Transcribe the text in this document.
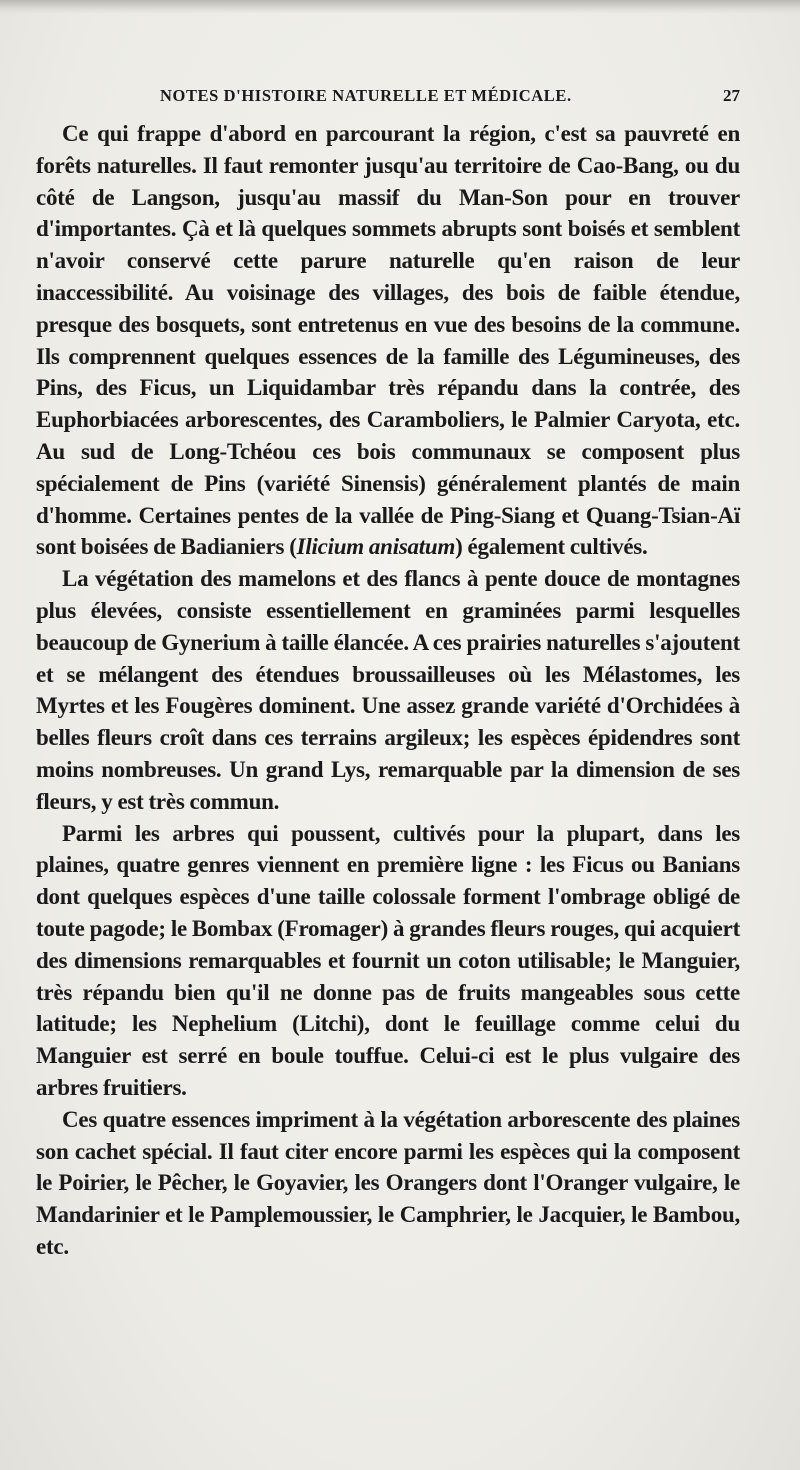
NOTES D'HISTOIRE NATURELLE ET MÉDICALE.	27

Ce qui frappe d'abord en parcourant la région, c'est sa pauvreté en forêts naturelles. Il faut remonter jusqu'au territoire de Cao-Bang, ou du côté de Langson, jusqu'au massif du Man-Son pour en trouver d'importantes. Çà et là quelques sommets abrupts sont boisés et semblent n'avoir conservé cette parure naturelle qu'en raison de leur inaccessibilité. Au voisinage des villages, des bois de faible étendue, presque des bosquets, sont entretenus en vue des besoins de la commune. Ils comprennent quelques essences de la famille des Légumineuses, des Pins, des Ficus, un Liquidambar très répandu dans la contrée, des Euphorbiacées arborescentes, des Caramboliers, le Palmier Caryota, etc. Au sud de Long-Tchéou ces bois communaux se composent plus spécialement de Pins (variété Sinensis) généralement plantés de main d'homme. Certaines pentes de la vallée de Ping-Siang et Quang-Tsian-Aï sont boisées de Badianiers (Ilicium anisatum) également cultivés.

La végétation des mamelons et des flancs à pente douce de montagnes plus élevées, consiste essentiellement en graminées parmi lesquelles beaucoup de Gynerium à taille élancée. A ces prairies naturelles s'ajoutent et se mélangent des étendues broussailleuses où les Mélastomes, les Myrtes et les Fougères dominent. Une assez grande variété d'Orchidées à belles fleurs croît dans ces terrains argileux; les espèces épidendres sont moins nombreuses. Un grand Lys, remarquable par la dimension de ses fleurs, y est très commun.

Parmi les arbres qui poussent, cultivés pour la plupart, dans les plaines, quatre genres viennent en première ligne : les Ficus ou Banians dont quelques espèces d'une taille colossale forment l'ombrage obligé de toute pagode; le Bombax (Fromager) à grandes fleurs rouges, qui acquiert des dimensions remarquables et fournit un coton utilisable; le Manguier, très répandu bien qu'il ne donne pas de fruits mangeables sous cette latitude; les Nephelium (Litchi), dont le feuillage comme celui du Manguier est serré en boule touffue. Celui-ci est le plus vulgaire des arbres fruitiers.

Ces quatre essences impriment à la végétation arborescente des plaines son cachet spécial. Il faut citer encore parmi les espèces qui la composent le Poirier, le Pêcher, le Goyavier, les Orangers dont l'Oranger vulgaire, le Mandarinier et le Pamplemoussier, le Camphrier, le Jacquier, le Bambou, etc.
